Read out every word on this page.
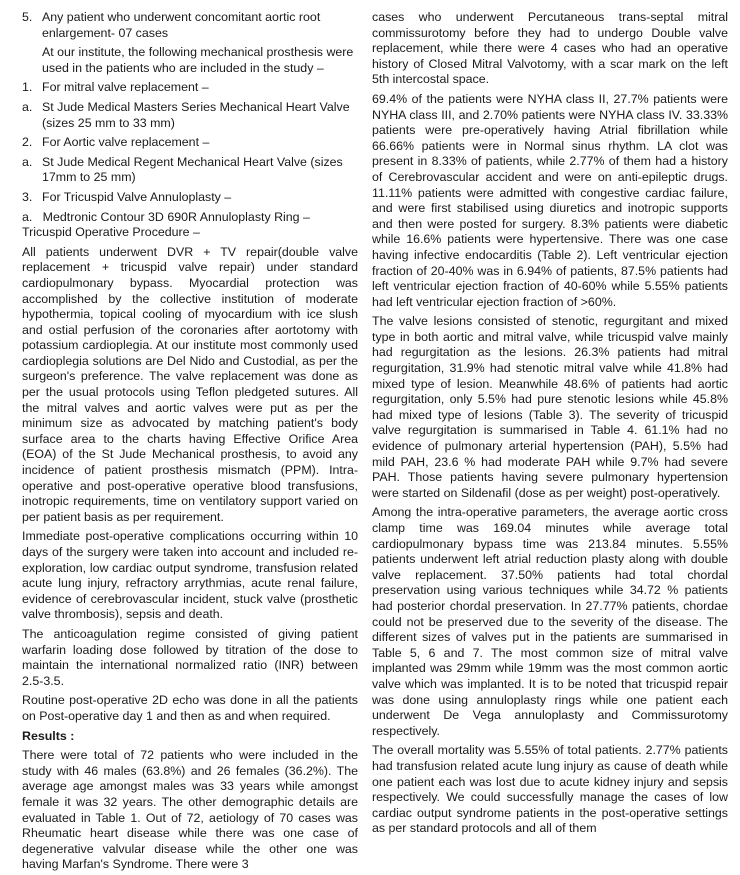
5. Any patient who underwent concomitant aortic root enlargement- 07 cases

At our institute, the following mechanical prosthesis were used in the patients who are included in the study –

1. For mitral valve replacement –
a. St Jude Medical Masters Series Mechanical Heart Valve (sizes 25 mm to 33 mm)
2. For Aortic valve replacement –
a. St Jude Medical Regent Mechanical Heart Valve (sizes 17mm to 25 mm)
3. For Tricuspid Valve Annuloplasty –

a. Medtronic Contour 3D 690R Annuloplasty Ring – Tricuspid Operative Procedure –

All patients underwent DVR + TV repair(double valve replacement + tricuspid valve repair) under standard cardiopulmonary bypass. Myocardial protection was accomplished by the collective institution of moderate hypothermia, topical cooling of myocardium with ice slush and ostial perfusion of the coronaries after aortotomy with potassium cardioplegia. At our institute most commonly used cardioplegia solutions are Del Nido and Custodial, as per the surgeon's preference. The valve replacement was done as per the usual protocols using Teflon pledgeted sutures. All the mitral valves and aortic valves were put as per the minimum size as advocated by matching patient's body surface area to the charts having Effective Orifice Area (EOA) of the St Jude Mechanical prosthesis, to avoid any incidence of patient prosthesis mismatch (PPM). Intra-operative and post-operative operative blood transfusions, inotropic requirements, time on ventilatory support varied on per patient basis as per requirement.

Immediate post-operative complications occurring within 10 days of the surgery were taken into account and included re-exploration, low cardiac output syndrome, transfusion related acute lung injury, refractory arrythmias, acute renal failure, evidence of cerebrovascular incident, stuck valve (prosthetic valve thrombosis), sepsis and death.

The anticoagulation regime consisted of giving patient warfarin loading dose followed by titration of the dose to maintain the international normalized ratio (INR) between 2.5-3.5.

Routine post-operative 2D echo was done in all the patients on Post-operative day 1 and then as and when required.

Results :

There were total of 72 patients who were included in the study with 46 males (63.8%) and 26 females (36.2%). The average age amongst males was 33 years while amongst female it was 32 years. The other demographic details are evaluated in Table 1. Out of 72, aetiology of 70 cases was Rheumatic heart disease while there was one case of degenerative valvular disease while the other one was having Marfan's Syndrome. There were 3

cases who underwent Percutaneous trans-septal mitral commissurotomy before they had to undergo Double valve replacement, while there were 4 cases who had an operative history of Closed Mitral Valvotomy, with a scar mark on the left 5th intercostal space.

69.4% of the patients were NYHA class II, 27.7% patients were NYHA class III, and 2.70% patients were NYHA class IV. 33.33% patients were pre-operatively having Atrial fibrillation while 66.66% patients were in Normal sinus rhythm. LA clot was present in 8.33% of patients, while 2.77% of them had a history of Cerebrovascular accident and were on anti-epileptic drugs. 11.11% patients were admitted with congestive cardiac failure, and were first stabilised using diuretics and inotropic supports and then were posted for surgery. 8.3% patients were diabetic while 16.6% patients were hypertensive. There was one case having infective endocarditis (Table 2). Left ventricular ejection fraction of 20-40% was in 6.94% of patients, 87.5% patients had left ventricular ejection fraction of 40-60% while 5.55% patients had left ventricular ejection fraction of >60%.

The valve lesions consisted of stenotic, regurgitant and mixed type in both aortic and mitral valve, while tricuspid valve mainly had regurgitation as the lesions. 26.3% patients had mitral regurgitation, 31.9% had stenotic mitral valve while 41.8% had mixed type of lesion. Meanwhile 48.6% of patients had aortic regurgitation, only 5.5% had pure stenotic lesions while 45.8% had mixed type of lesions (Table 3). The severity of tricuspid valve regurgitation is summarised in Table 4. 61.1% had no evidence of pulmonary arterial hypertension (PAH), 5.5% had mild PAH, 23.6 % had moderate PAH while 9.7% had severe PAH. Those patients having severe pulmonary hypertension were started on Sildenafil (dose as per weight) post-operatively.

Among the intra-operative parameters, the average aortic cross clamp time was 169.04 minutes while average total cardiopulmonary bypass time was 213.84 minutes. 5.55% patients underwent left atrial reduction plasty along with double valve replacement. 37.50% patients had total chordal preservation using various techniques while 34.72 % patients had posterior chordal preservation. In 27.77% patients, chordae could not be preserved due to the severity of the disease. The different sizes of valves put in the patients are summarised in Table 5, 6 and 7. The most common size of mitral valve implanted was 29mm while 19mm was the most common aortic valve which was implanted. It is to be noted that tricuspid repair was done using annuloplasty rings while one patient each underwent De Vega annuloplasty and Commissurotomy respectively.

The overall mortality was 5.55% of total patients. 2.77% patients had transfusion related acute lung injury as cause of death while one patient each was lost due to acute kidney injury and sepsis respectively. We could successfully manage the cases of low cardiac output syndrome patients in the post-operative settings as per standard protocols and all of them
